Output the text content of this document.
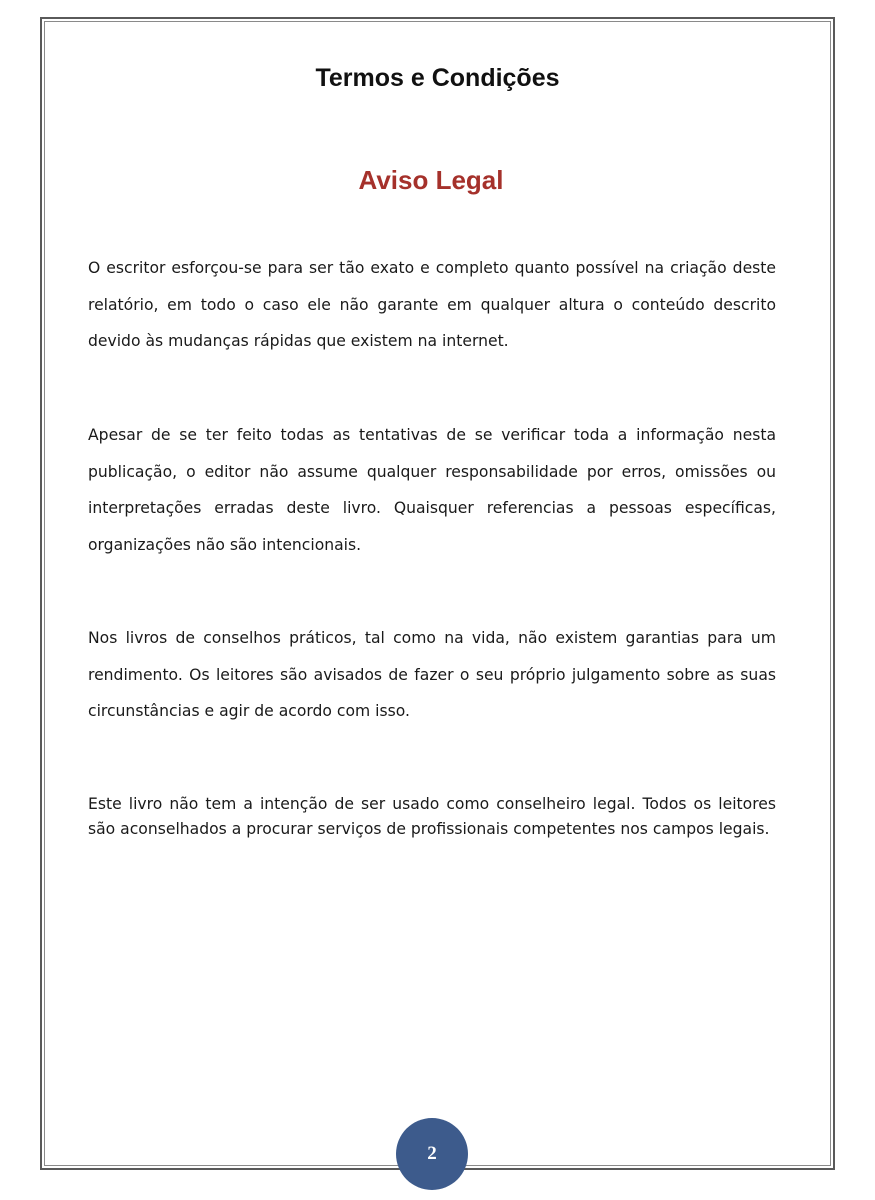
Termos e Condições
Aviso Legal

O escritor esforçou-se para ser tão exato e completo quanto possível na criação deste relatório, em todo o caso ele não garante em qualquer altura o conteúdo descrito devido às mudanças rápidas que existem na internet.

Apesar de se ter feito todas as tentativas de se verificar toda a informação nesta publicação, o editor não assume qualquer responsabilidade por erros, omissões ou interpretações erradas deste livro. Quaisquer referencias a pessoas específicas, organizações não são intencionais.

Nos livros de conselhos práticos, tal como na vida, não existem garantias para um rendimento. Os leitores são avisados de fazer o seu próprio julgamento sobre as suas circunstâncias e agir de acordo com isso.

Este livro não tem a intenção de ser usado como conselheiro legal. Todos os leitores são aconselhados a procurar serviços de profissionais competentes nos campos legais.

2
